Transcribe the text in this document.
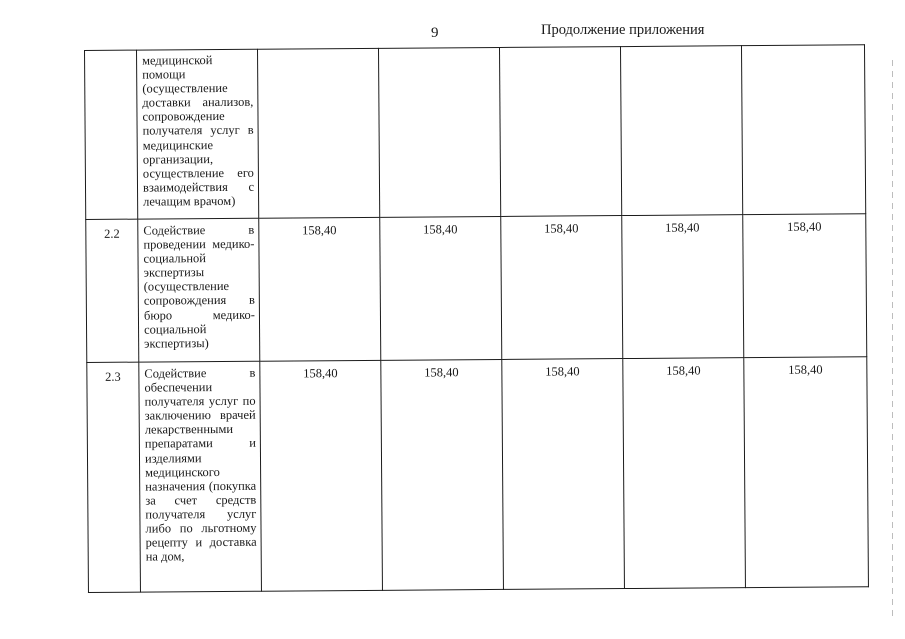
9	Продолжение приложения

	медицинской помощи (осуществление доставки анализов, сопровождение получателя услуг в медицинские организации, осуществление его взаимодействия с лечащим врачом)					

2.2	Содействие в проведении медико-социальной экспертизы (осуществление сопровождения в бюро медико-социальной экспертизы)	158,40	158,40	158,40	158,40	158,40
2.3	Содействие в обеспечении получателя услуг по заключению врачей лекарственными препаратами и изделиями медицинского назначения (покупка за счет средств получателя услуг либо по льготному рецепту и доставка на дом,	158,40	158,40	158,40	158,40	158,40
